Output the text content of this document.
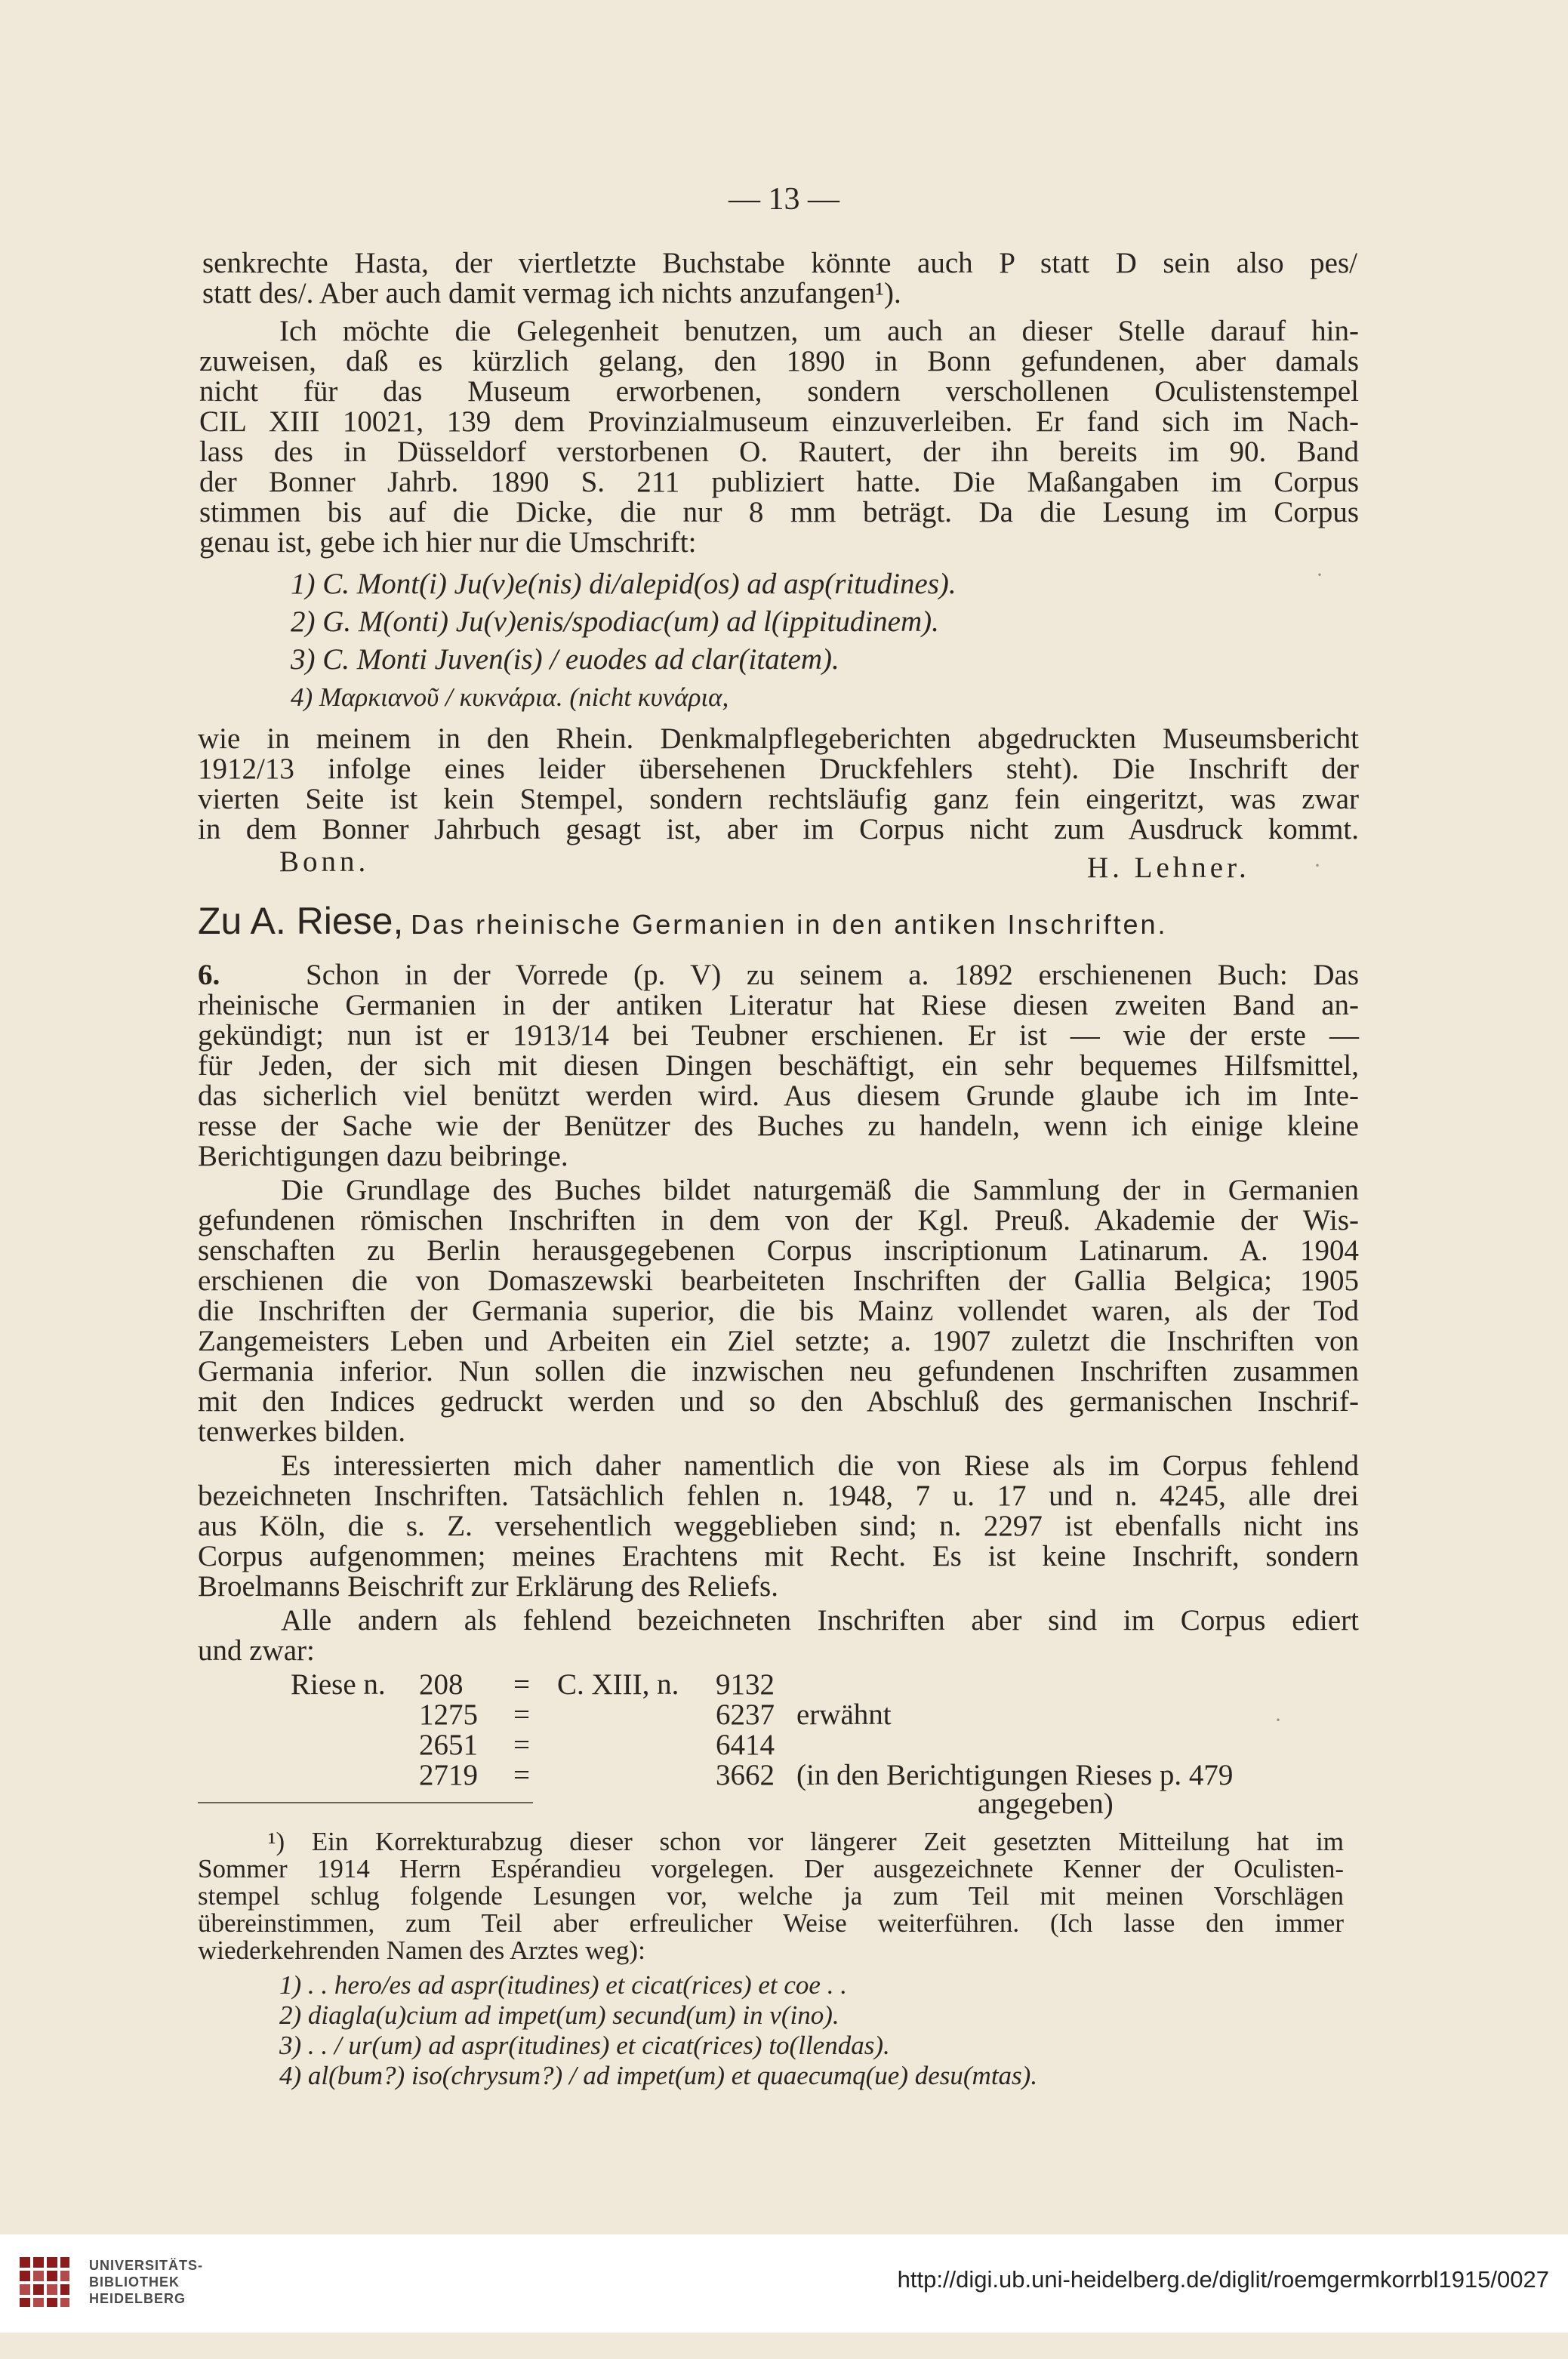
— 13 —
senkrechte Hasta, der viertletzte Buchstabe könnte auch P statt D sein also pes/
statt des/. Aber auch damit vermag ich nichts anzufangen¹).
Ich möchte die Gelegenheit benutzen, um auch an dieser Stelle darauf hin-
zuweisen, daß es kürzlich gelang, den 1890 in Bonn gefundenen, aber damals
nicht für das Museum erworbenen, sondern verschollenen Oculistenstempel
CIL XIII 10021, 139 dem Provinzialmuseum einzuverleiben. Er fand sich im Nach-
lass des in Düsseldorf verstorbenen O. Rautert, der ihn bereits im 90. Band
der Bonner Jahrb. 1890 S. 211 publiziert hatte. Die Maßangaben im Corpus
stimmen bis auf die Dicke, die nur 8 mm beträgt. Da die Lesung im Corpus
genau ist, gebe ich hier nur die Umschrift:
1) C. Mont(i) Ju(v)e(nis) di/alepid(os) ad asp(ritudines).
2) G. M(onti) Ju(v)enis/spodiac(um) ad l(ippitudinem).
3) C. Monti Juven(is) / euodes ad clar(itatem).
4) Μαρκιανοῦ / κυκνάρια. (nicht κυνάρια,
wie in meinem in den Rhein. Denkmalpflegeberichten abgedruckten Museumsbericht
1912/13 infolge eines leider übersehenen Druckfehlers steht). Die Inschrift der
vierten Seite ist kein Stempel, sondern rechtsläufig ganz fein eingeritzt, was zwar
in dem Bonner Jahrbuch gesagt ist, aber im Corpus nicht zum Ausdruck kommt.
Bonn.	H. Lehner.
Zu A. Riese, Das rheinische Germanien in den antiken Inschriften.
6.	Schon in der Vorrede (p. V) zu seinem a. 1892 erschienenen Buch: Das
rheinische Germanien in der antiken Literatur hat Riese diesen zweiten Band an-
gekündigt; nun ist er 1913/14 bei Teubner erschienen. Er ist — wie der erste —
für Jeden, der sich mit diesen Dingen beschäftigt, ein sehr bequemes Hilfsmittel,
das sicherlich viel benützt werden wird. Aus diesem Grunde glaube ich im Inte-
resse der Sache wie der Benützer des Buches zu handeln, wenn ich einige kleine
Berichtigungen dazu beibringe.
Die Grundlage des Buches bildet naturgemäß die Sammlung der in Germanien
gefundenen römischen Inschriften in dem von der Kgl. Preuß. Akademie der Wis-
senschaften zu Berlin herausgegebenen Corpus inscriptionum Latinarum. A. 1904
erschienen die von Domaszewski bearbeiteten Inschriften der Gallia Belgica; 1905
die Inschriften der Germania superior, die bis Mainz vollendet waren, als der Tod
Zangemeisters Leben und Arbeiten ein Ziel setzte; a. 1907 zuletzt die Inschriften von
Germania inferior. Nun sollen die inzwischen neu gefundenen Inschriften zusammen
mit den Indices gedruckt werden und so den Abschluß des germanischen Inschrif-
tenwerkes bilden.
Es interessierten mich daher namentlich die von Riese als im Corpus fehlend
bezeichneten Inschriften. Tatsächlich fehlen n. 1948, 7 u. 17 und n. 4245, alle drei
aus Köln, die s. Z. versehentlich weggeblieben sind; n. 2297 ist ebenfalls nicht ins
Corpus aufgenommen; meines Erachtens mit Recht. Es ist keine Inschrift, sondern
Broelmanns Beischrift zur Erklärung des Reliefs.
Alle andern als fehlend bezeichneten Inschriften aber sind im Corpus ediert
und zwar:
Riese n. 208 = C. XIII, n. 9132
1275 =	6237 erwähnt
2651 =	6414
2719 =	3662 (in den Berichtigungen Rieses p. 479
angegeben)
¹) Ein Korrekturabzug dieser schon vor längerer Zeit gesetzten Mitteilung hat im
Sommer 1914 Herrn Espérandieu vorgelegen. Der ausgezeichnete Kenner der Oculisten-
stempel schlug folgende Lesungen vor, welche ja zum Teil mit meinen Vorschlägen
übereinstimmen, zum Teil aber erfreulicher Weise weiterführen. (Ich lasse den immer
wiederkehrenden Namen des Arztes weg):
1) . . hero/es ad aspr(itudines) et cicat(rices) et coe . .
2) diagla(u)cium ad impet(um) secund(um) in v(ino).
3) . . / ur(um) ad aspr(itudines) et cicat(rices) to(llendas).
4) al(bum?) iso(chrysum?) / ad impet(um) et quaecumq(ue) desu(mtas).
·
·
·
UNIVERSITÄTS-
BIBLIOTHEK
HEIDELBERG
http://digi.ub.uni-heidelberg.de/diglit/roemgermkorrbl1915/0027
